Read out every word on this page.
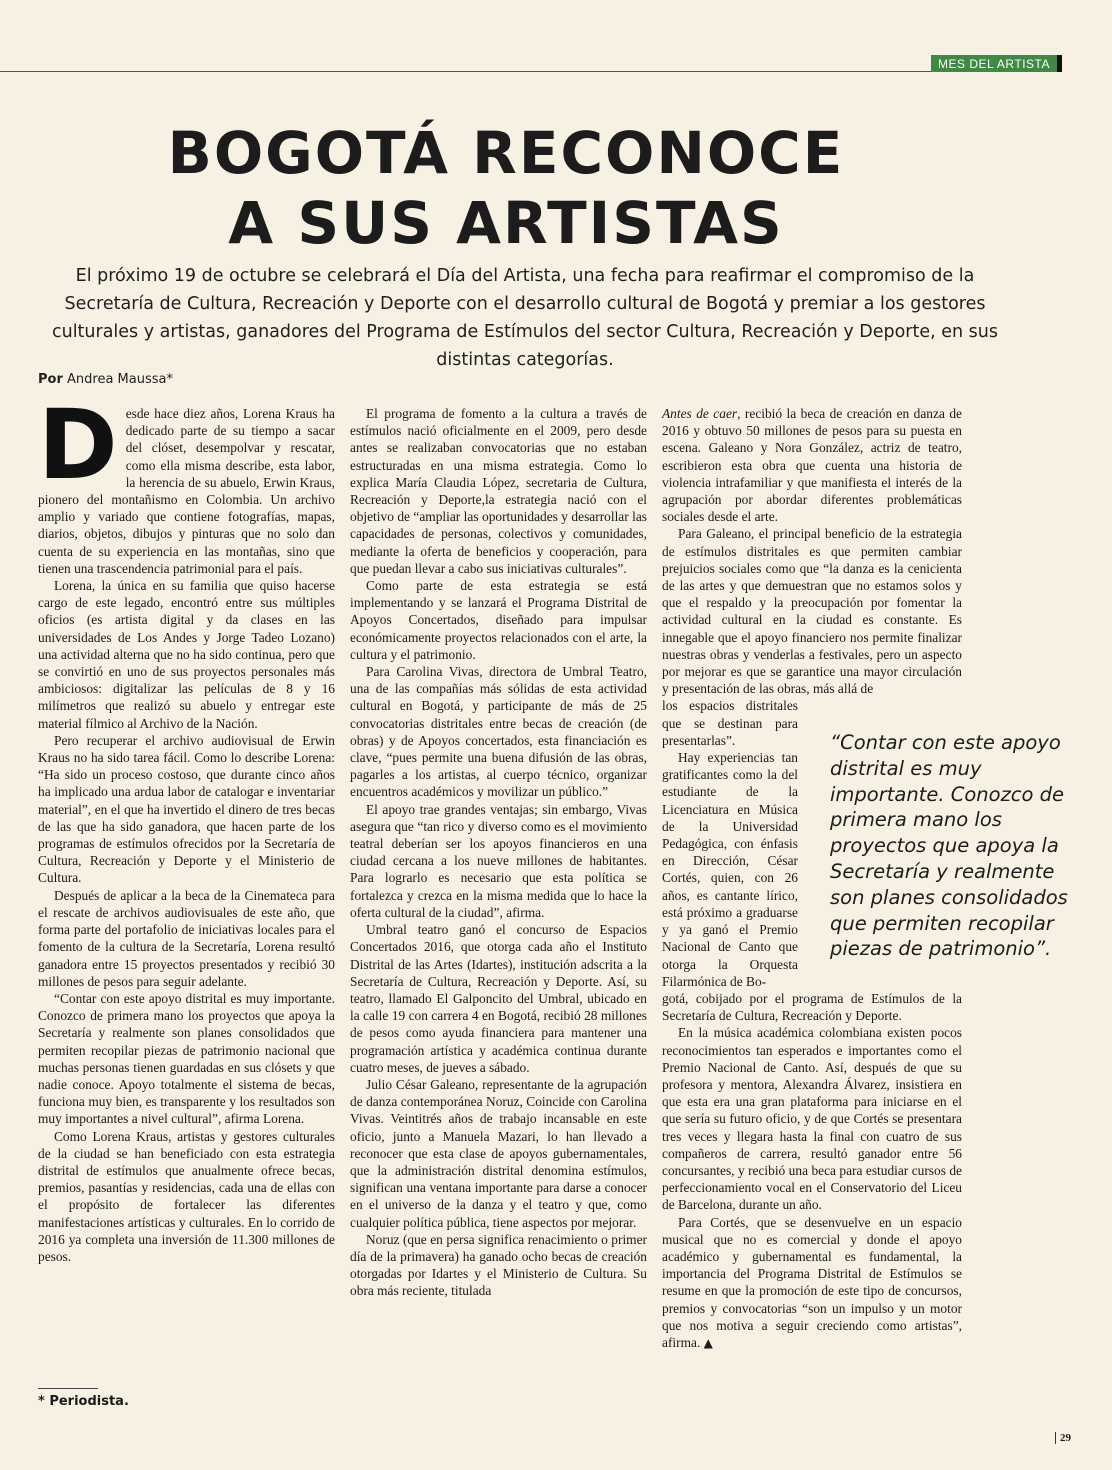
MES DEL ARTISTA
BOGOTÁ RECONOCE
A SUS ARTISTAS

El próximo 19 de octubre se celebrará el Día del Artista, una fecha para reafirmar el compromiso de la Secretaría de Cultura, Recreación y Deporte con el desarrollo cultural de Bogotá y premiar a los gestores culturales y artistas, ganadores del Programa de Estímulos del sector Cultura, Recreación y Deporte, en sus distintas categorías.

Por Andrea Maussa*

Desde hace diez años, Lorena Kraus ha dedicado parte de su tiempo a sacar del clóset, desempolvar y rescatar, como ella misma describe, esta labor, la herencia de su abuelo, Erwin Kraus, pionero del montañismo en Colombia. Un archivo amplio y variado que contiene fotografías, mapas, diarios, objetos, dibujos y pinturas que no solo dan cuenta de su experiencia en las montañas, sino que tienen una trascendencia patrimonial para el país.

Lorena, la única en su familia que quiso hacerse cargo de este legado, encontró entre sus múltiples oficios (es artista digital y da clases en las universidades de Los Andes y Jorge Tadeo Lozano) una actividad alterna que no ha sido continua, pero que se convirtió en uno de sus proyectos personales más ambiciosos: digitalizar las películas de 8 y 16 milímetros que realizó su abuelo y entregar este material fílmico al Archivo de la Nación.

Pero recuperar el archivo audiovisual de Erwin Kraus no ha sido tarea fácil. Como lo describe Lorena: “Ha sido un proceso costoso, que durante cinco años ha implicado una ardua labor de catalogar e inventariar material”, en el que ha invertido el dinero de tres becas de las que ha sido ganadora, que hacen parte de los programas de estímulos ofrecidos por la Secretaría de Cultura, Recreación y Deporte y el Ministerio de Cultura.

Después de aplicar a la beca de la Cinemateca para el rescate de archivos audiovisuales de este año, que forma parte del portafolio de iniciativas locales para el fomento de la cultura de la Secretaría, Lorena resultó ganadora entre 15 proyectos presentados y recibió 30 millones de pesos para seguir adelante.

“Contar con este apoyo distrital es muy importante. Conozco de primera mano los proyectos que apoya la Secretaría y realmente son planes consolidados que permiten recopilar piezas de patrimonio nacional que muchas personas tienen guardadas en sus clósets y que nadie conoce. Apoyo totalmente el sistema de becas, funciona muy bien, es transparente y los resultados son muy importantes a nivel cultural”, afirma Lorena.

Como Lorena Kraus, artistas y gestores culturales de la ciudad se han beneficiado con esta estrategia distrital de estímulos que anualmente ofrece becas, premios, pasantías y residencias, cada una de ellas con el propósito de fortalecer las diferentes manifestaciones artísticas y culturales. En lo corrido de 2016 ya completa una inversión de 11.300 millones de pesos.

El programa de fomento a la cultura a través de estímulos nació oficialmente en el 2009, pero desde antes se realizaban convocatorias que no estaban estructuradas en una misma estrategia. Como lo explica María Claudia López, secretaria de Cultura, Recreación y Deporte,la estrategia nació con el objetivo de “ampliar las oportunidades y desarrollar las capacidades de personas, colectivos y comunidades, mediante la oferta de beneficios y cooperación, para que puedan llevar a cabo sus iniciativas culturales”.

Como parte de esta estrategia se está implementando y se lanzará el Programa Distrital de Apoyos Concertados, diseñado para impulsar económicamente proyectos relacionados con el arte, la cultura y el patrimonio.

Para Carolina Vivas, directora de Umbral Teatro, una de las compañías más sólidas de esta actividad cultural en Bogotá, y participante de más de 25 convocatorias distritales entre becas de creación (de obras) y de Apoyos concertados, esta financiación es clave, “pues permite una buena difusión de las obras, pagarles a los artistas, al cuerpo técnico, organizar encuentros académicos y movilizar un público.”

El apoyo trae grandes ventajas; sin embargo, Vivas asegura que “tan rico y diverso como es el movimiento teatral deberían ser los apoyos financieros en una ciudad cercana a los nueve millones de habitantes. Para lograrlo es necesario que esta política se fortalezca y crezca en la misma medida que lo hace la oferta cultural de la ciudad”, afirma.

Umbral teatro ganó el concurso de Espacios Concertados 2016, que otorga cada año el Instituto Distrital de las Artes (Idartes), institución adscrita a la Secretaría de Cultura, Recreación y Deporte. Así, su teatro, llamado El Galponcito del Umbral, ubicado en la calle 19 con carrera 4 en Bogotá, recibió 28 millones de pesos como ayuda financiera para mantener una programación artística y académica continua durante cuatro meses, de jueves a sábado.

Julio César Galeano, representante de la agrupación de danza contemporánea Noruz, Coincide con Carolina Vivas. Veintitrés años de trabajo incansable en este oficio, junto a Manuela Mazari, lo han llevado a reconocer que esta clase de apoyos gubernamentales, que la administración distrital denomina estímulos, significan una ventana importante para darse a conocer en el universo de la danza y el teatro y que, como cualquier política pública, tiene aspectos por mejorar.

Noruz (que en persa significa renacimiento o primer día de la primavera) ha ganado ocho becas de creación otorgadas por Idartes y el Ministerio de Cultura. Su obra más reciente, titulada

Antes de caer, recibió la beca de creación en danza de 2016 y obtuvo 50 millones de pesos para su puesta en escena. Galeano y Nora González, actriz de teatro, escribieron esta obra que cuenta una historia de violencia intrafamiliar y que manifiesta el interés de la agrupación por abordar diferentes problemáticas sociales desde el arte.

Para Galeano, el principal beneficio de la estrategia de estímulos distritales es que permiten cambiar prejuicios sociales como que “la danza es la cenicienta de las artes y que demuestran que no estamos solos y que el respaldo y la preocupación por fomentar la actividad cultural en la ciudad es constante. Es innegable que el apoyo financiero nos permite finalizar nuestras obras y venderlas a festivales, pero un aspecto por mejorar es que se garantice una mayor circulación y presentación de las obras, más allá de

los espacios distritales que se destinan para presentarlas”.

Hay experiencias tan gratificantes como la del estudiante de la Licenciatura en Música de la Universidad Pedagógica, con énfasis en Dirección, César Cortés, quien, con 26 años, es cantante lírico, está próximo a graduarse y ya ganó el Premio Nacional de Canto que otorga la Orquesta Filarmónica de Bo-

gotá, cobijado por el programa de Estímulos de la Secretaría de Cultura, Recreación y Deporte.

En la música académica colombiana existen pocos reconocimientos tan esperados e importantes como el Premio Nacional de Canto. Así, después de que su profesora y mentora, Alexandra Álvarez, insistiera en que esta era una gran plataforma para iniciarse en el que sería su futuro oficio, y de que Cortés se presentara tres veces y llegara hasta la final con cuatro de sus compañeros de carrera, resultó ganador entre 56 concursantes, y recibió una beca para estudiar cursos de perfeccionamiento vocal en el Conservatorio del Liceu de Barcelona, durante un año.

Para Cortés, que se desenvuelve en un espacio musical que no es comercial y donde el apoyo académico y gubernamental es fundamental, la importancia del Programa Distrital de Estímulos se resume en que la promoción de este tipo de concursos, premios y convocatorias “son un impulso y un motor que nos motiva a seguir creciendo como artistas”, afirma. ▲

“Contar con este apoyo distrital es muy importante. Conozco de primera mano los proyectos que apoya la Secretaría y realmente son planes consolidados que permiten recopilar piezas de patrimonio”.

* Periodista.
29
